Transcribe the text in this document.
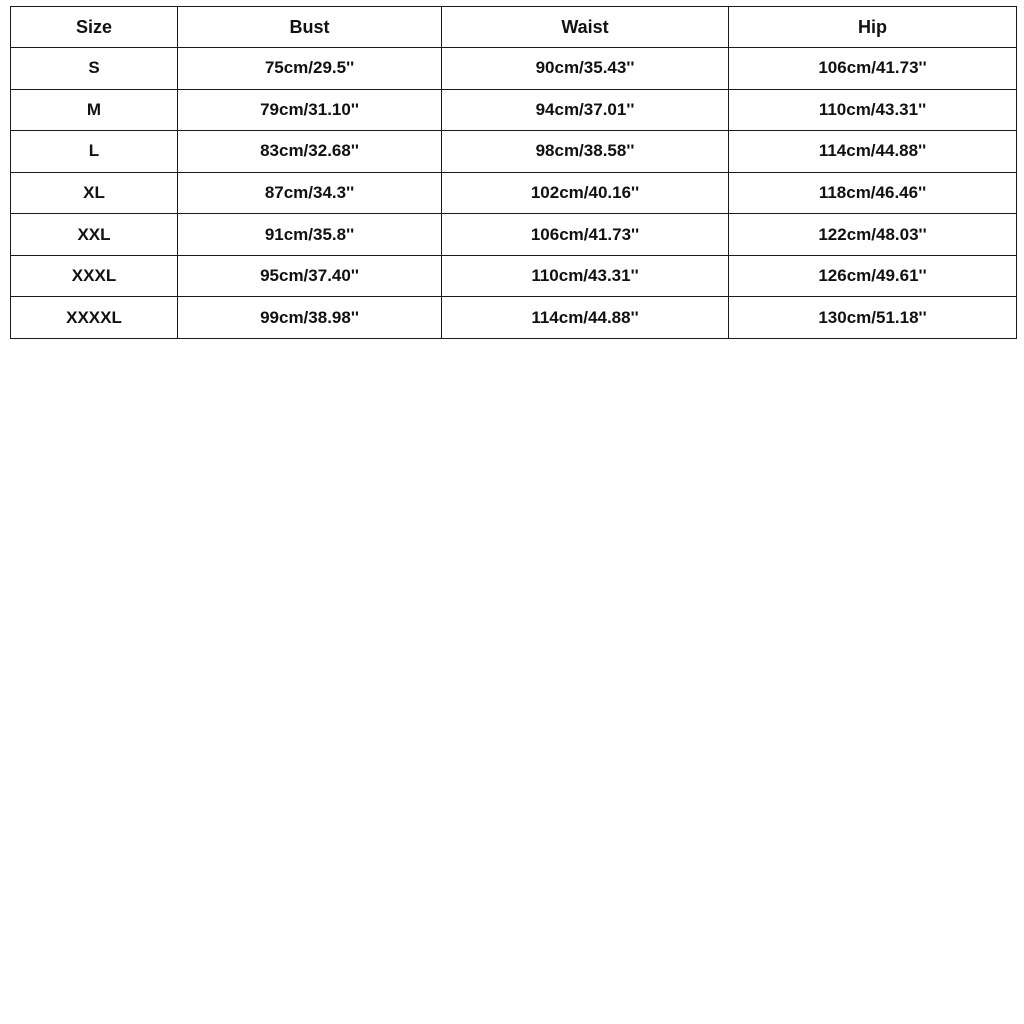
Size	Bust	Waist	Hip
S	75cm/29.5''	90cm/35.43''	106cm/41.73''
M	79cm/31.10''	94cm/37.01''	110cm/43.31''
L	83cm/32.68''	98cm/38.58''	114cm/44.88''
XL	87cm/34.3''	102cm/40.16''	118cm/46.46''
XXL	91cm/35.8''	106cm/41.73''	122cm/48.03''
XXXL	95cm/37.40''	110cm/43.31''	126cm/49.61''
XXXXL	99cm/38.98''	114cm/44.88''	130cm/51.18''
